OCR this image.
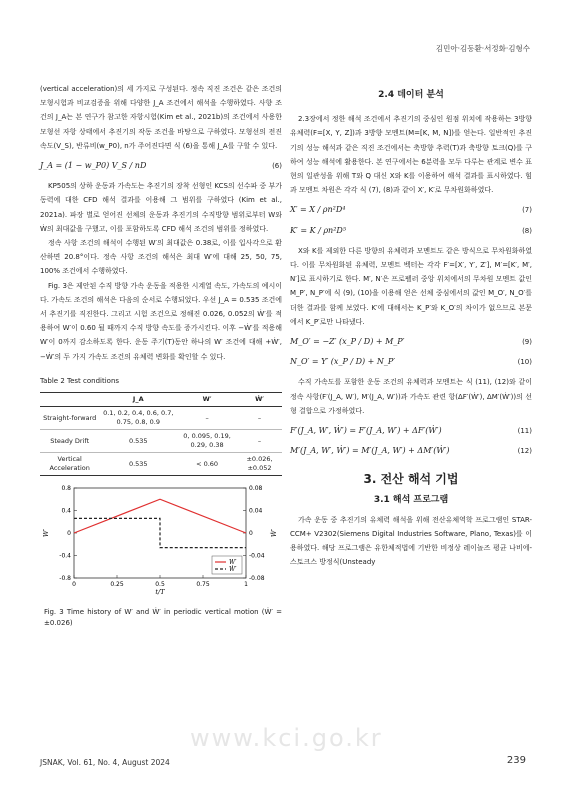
김민아·김동환·서정화·김형수

(vertical acceleration)의 세 가지로 구성된다. 정속 직진 조건은 같은 조건의 모형시험과 비교검증을 위해 다양한 J_A 조건에서 해석을 수행하였다. 사향 조건의 J_A는 본 연구가 참고한 자항시험(Kim et al., 2021b)의 조건에서 사용한 모형선 자항 상태에서 추진기의 작동 조건을 바탕으로 구하였다. 모형선의 전진속도(V_S), 반류비(w_P0), n가 주어진다면 식 (6)을 통해 J_A를 구할 수 있다.

J_A = (1 − w_P0) V_S / nD	(6)

KP505의 상하 운동과 가속도는 추진기의 장착 선형인 KCS의 선수파 중 부가동력에 대한 CFD 해석 결과를 이용해 그 범위를 구하였다 (Kim et al., 2021a). 파장 별로 얻어진 선체의 운동과 추진기의 수직방향 범위로부터 W와 Ẇ의 최대값을 구했고, 이를 포함하도록 CFD 해석 조건의 범위를 정하였다.

정속 사항 조건의 해석이 수행된 W′의 최대값은 0.38로, 이를 입사각으로 환산하면 20.8°이다. 정속 사항 조건의 해석은 최대 W′에 대해 25, 50, 75, 100% 조건에서 수행하였다.

Fig. 3은 제안된 수직 방향 가속 운동을 적용한 시계열 속도, 가속도의 예시이다. 가속도 조건의 해석은 다음의 순서로 수행되었다. 우선 J_A = 0.535 조건에서 추진기를 직진한다. 그리고 시험 조건으로 정해진 0.026, 0.052의 Ẇ′를 적용하여 W′이 0.60 될 때까지 수직 방향 속도를 증가시킨다. 이후 −Ẇ′를 적용해 W′이 0까지 감소하도록 한다. 운동 주기(T)동안 하나의 W′ 조건에 대해 +Ẇ′, −Ẇ′의 두 가지 가속도 조건의 유체력 변화를 확인할 수 있다.

Table 2 Test conditions
	J_A	W′	Ẇ′
Straight-forward	0.1, 0.2, 0.4, 0.6, 0.7, 0.75, 0.8, 0.9	–	–
Steady Drift	0.535	0, 0.095, 0.19, 0.29, 0.38	–
Vertical Acceleration	0.535	< 0.60	±0.026, ±0.052
0.8
0.4
0
-0.4
-0.8
0.08
0.04
0
-0.04
-0.08
0	0.25	0.5	0.75	1
t/T
W′	Ẇ′
W′
Ẇ′
Fig. 3 Time history of W′ and Ẇ′ in periodic vertical motion (Ẇ′ = ±0.026)
2.4 데이터 분석

2.3장에서 정한 해석 조건에서 추진기의 중심인 원점 위치에 작용하는 3방향 유체력(F=[X, Y, Z])과 3방향 모멘트(M=[K, M, N])를 얻는다. 일반적인 추진기의 성능 해석과 같은 직진 조건에서는 축방향 추력(T)과 축방향 토크(Q)를 구하여 성능 해석에 활용한다. 본 연구에서는 6분력을 모두 다루는 관계로 변수 표현의 일관성을 위해 T와 Q 대신 X와 K를 이용하여 해석 결과를 표시하였다. 힘과 모멘트 차원은 각각 식 (7), (8)과 같이 X′, K′로 무차원화하였다.

X′ = X / ρn²D⁴	(7)
K′ = K / ρn²D⁵	(8)

X와 K를 제외한 다른 방향의 유체력과 모멘트도 같은 방식으로 무차원화하였다. 이를 무차원화된 유체력, 모멘트 벡터는 각각 F′=[X′, Y′, Z′], M′=[K′, M′, N′]로 표시하기로 한다. M′, N′은 프로펠러 중앙 위치에서의 무차원 모멘트 값인 M_P′, N_P′에 식 (9), (10)을 이용해 얻은 선체 중심에서의 값인 M_O′, N_O′를 더한 결과를 함께 보였다. K′에 대해서는 K_P′와 K_O′의 차이가 없으므로 본문에서 K_P′로만 나타냈다.

M_O′ = −Z′ (x_P / D) + M_P′	(9)
N_O′ = Y′ (x_P / D) + N_P′	(10)

수직 가속도를 포함한 운동 조건의 유체력과 모멘트는 식 (11), (12)와 같이 정속 사항(F′(J_A, W′), M′(J_A, W′))과 가속도 관련 항(ΔF′(Ẇ′), ΔM′(Ẇ′))의 선형 결합으로 가정하였다.

F′(J_A, W′, Ẇ′) = F′(J_A, W′) + ΔF′(Ẇ′)	(11)
M′(J_A, W′, Ẇ′) = M′(J_A, W′) + ΔM′(Ẇ′)	(12)
3. 전산 해석 기법
3.1 해석 프로그램

가속 운동 중 추진기의 유체력 해석을 위해 전산유체역학 프로그램인 STAR-CCM+ V2302(Siemens Digital Industries Software, Plano, Texas)를 이용하였다. 해당 프로그램은 유한체적법에 기반한 비정상 레이놀즈 평균 나비에-스토크스 방정식(Unsteady

www.kci.go.kr
JSNAK, Vol. 61, No. 4, August 2024	239
